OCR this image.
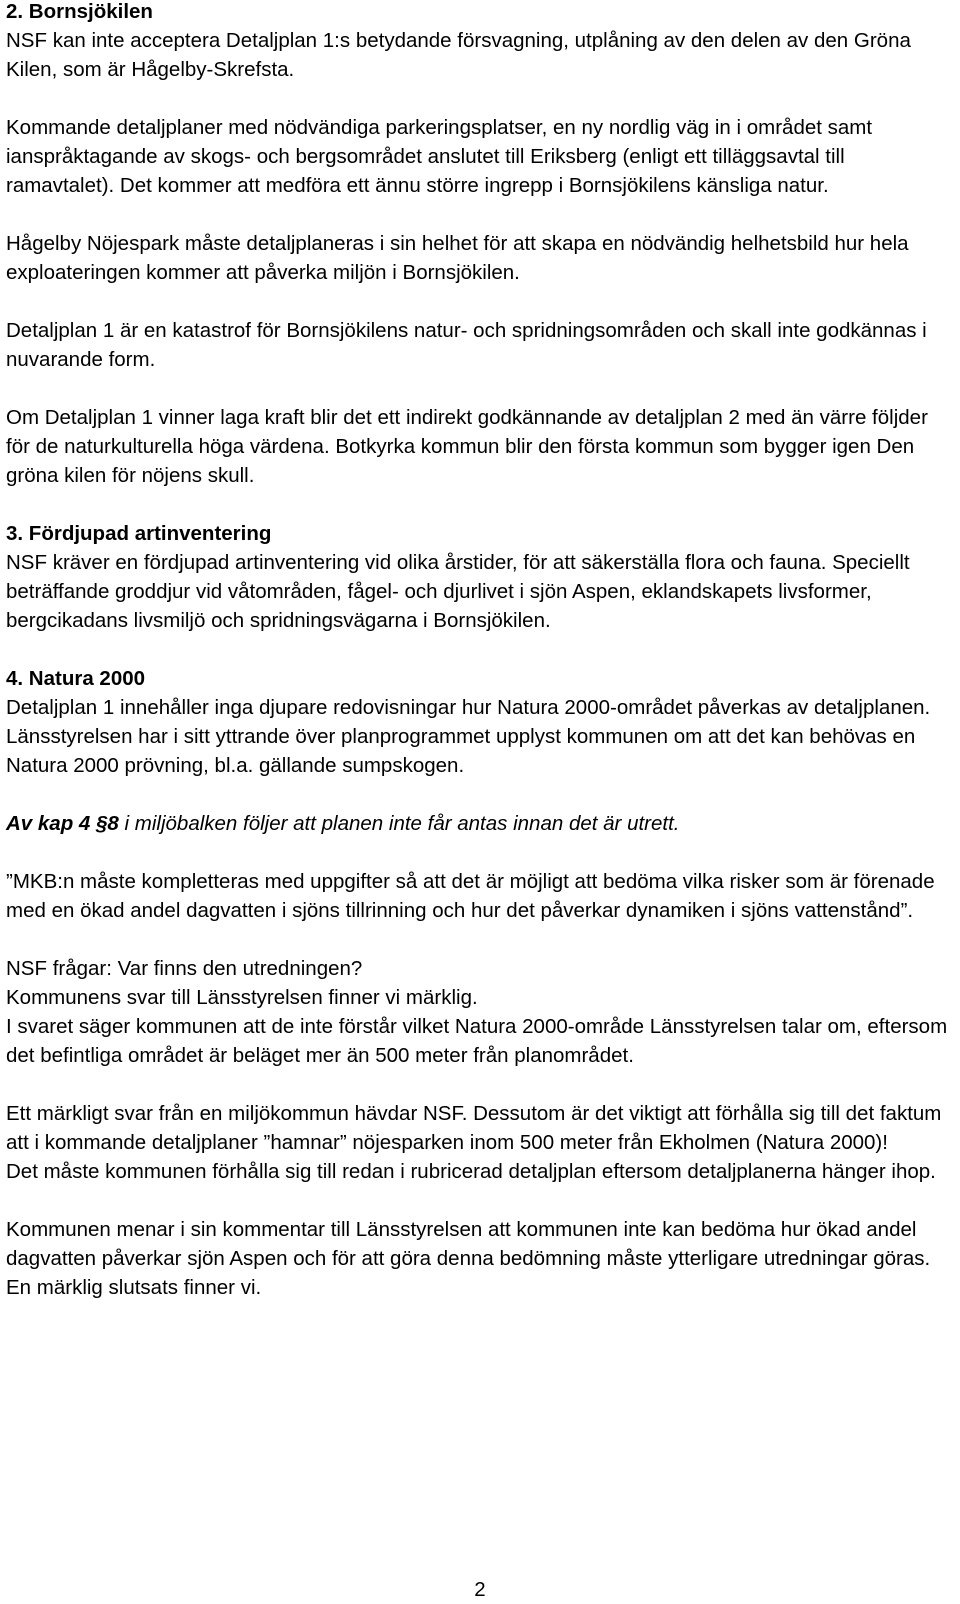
2. Bornsjökilen

NSF kan inte acceptera Detaljplan 1:s betydande försvagning, utplåning av den delen av den Gröna Kilen, som är Hågelby-Skrefsta.

Kommande detaljplaner med nödvändiga parkeringsplatser, en ny nordlig väg in i området samt ianspråktagande av skogs- och bergsområdet anslutet till Eriksberg (enligt ett tilläggsavtal till ramavtalet). Det kommer att medföra ett ännu större ingrepp i Bornsjökilens känsliga natur.

Hågelby Nöjespark måste detaljplaneras i sin helhet för att skapa en nödvändig helhetsbild hur hela exploateringen kommer att påverka miljön i Bornsjökilen.

Detaljplan 1 är en katastrof för Bornsjökilens natur- och spridningsområden och skall inte godkännas i nuvarande form.

Om Detaljplan 1 vinner laga kraft blir det ett indirekt godkännande av detaljplan 2 med än värre följder för de naturkulturella höga värdena. Botkyrka kommun blir den första kommun som bygger igen Den gröna kilen för nöjens skull.

3. Fördjupad artinventering

NSF kräver en fördjupad artinventering vid olika årstider, för att säkerställa flora och fauna. Speciellt beträffande groddjur vid våtområden, fågel- och djurlivet i sjön Aspen, eklandskapets livsformer, bergcikadans livsmiljö och spridningsvägarna i Bornsjökilen.

4. Natura 2000

Detaljplan 1 innehåller inga djupare redovisningar hur Natura 2000-området påverkas av detaljplanen. Länsstyrelsen har i sitt yttrande över planprogrammet upplyst kommunen om att det kan behövas en Natura 2000 prövning, bl.a. gällande sumpskogen.

Av kap 4 §8 i miljöbalken följer att planen inte får antas innan det är utrett.

”MKB:n måste kompletteras med uppgifter så att det är möjligt att bedöma vilka risker som är förenade med en ökad andel dagvatten i sjöns tillrinning och hur det påverkar dynamiken i sjöns vattenstånd”.

NSF frågar: Var finns den utredningen?

Kommunens svar till Länsstyrelsen finner vi märklig.

I svaret säger kommunen att de inte förstår vilket Natura 2000-område Länsstyrelsen talar om, eftersom det befintliga området är beläget mer än 500 meter från planområdet.

Ett märkligt svar från en miljökommun hävdar NSF. Dessutom är det viktigt att förhålla sig till det faktum att i kommande detaljplaner ”hamnar” nöjesparken inom 500 meter från Ekholmen (Natura 2000)!

Det måste kommunen förhålla sig till redan i rubricerad detaljplan eftersom detaljplanerna hänger ihop.

Kommunen menar i sin kommentar till Länsstyrelsen att kommunen inte kan bedöma hur ökad andel dagvatten påverkar sjön Aspen och för att göra denna bedömning måste ytterligare utredningar göras.

En märklig slutsats finner vi.

2
